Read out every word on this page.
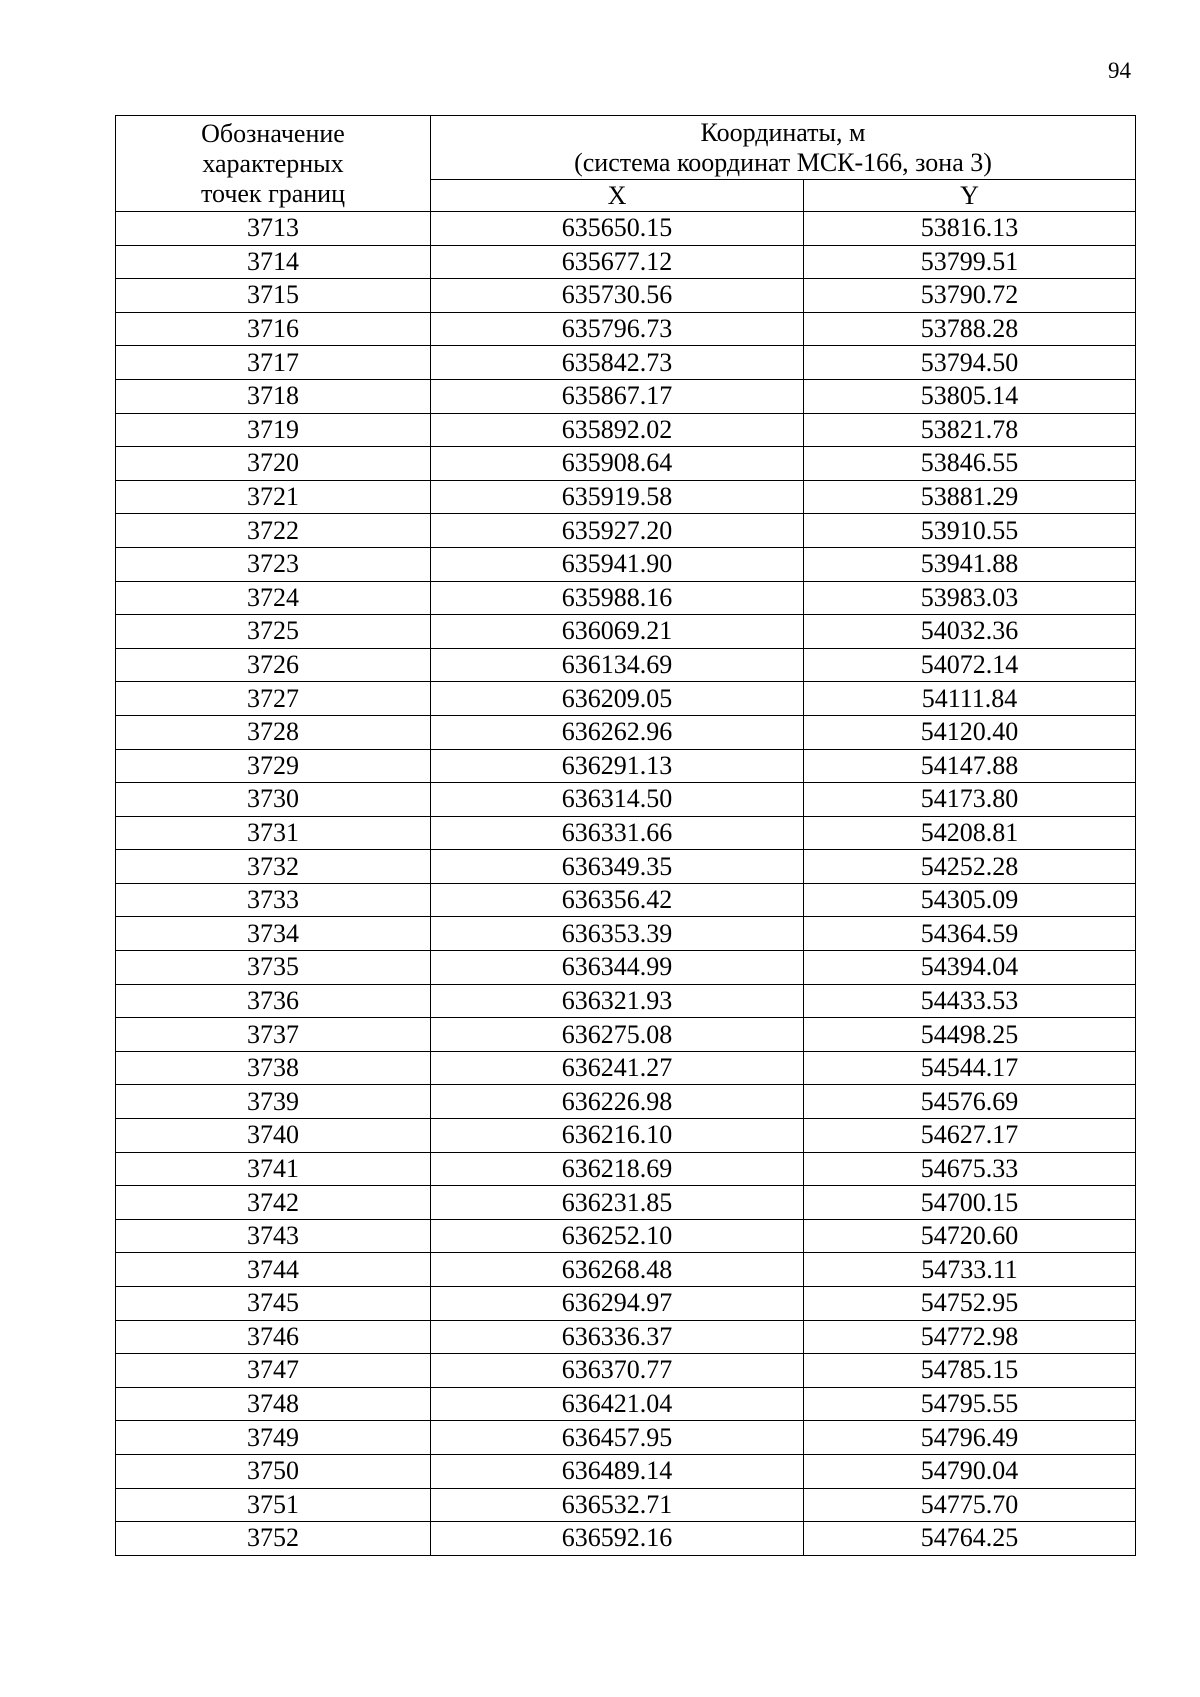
94
Обозначение
характерных
точек границ	Координаты, м
(система координат МСК-166, зона 3)	

	X	Y
3713	635650.15	53816.13
3714	635677.12	53799.51
3715	635730.56	53790.72
3716	635796.73	53788.28
3717	635842.73	53794.50
3718	635867.17	53805.14
3719	635892.02	53821.78
3720	635908.64	53846.55
3721	635919.58	53881.29
3722	635927.20	53910.55
3723	635941.90	53941.88
3724	635988.16	53983.03
3725	636069.21	54032.36
3726	636134.69	54072.14
3727	636209.05	54111.84
3728	636262.96	54120.40
3729	636291.13	54147.88
3730	636314.50	54173.80
3731	636331.66	54208.81
3732	636349.35	54252.28
3733	636356.42	54305.09
3734	636353.39	54364.59
3735	636344.99	54394.04
3736	636321.93	54433.53
3737	636275.08	54498.25
3738	636241.27	54544.17
3739	636226.98	54576.69
3740	636216.10	54627.17
3741	636218.69	54675.33
3742	636231.85	54700.15
3743	636252.10	54720.60
3744	636268.48	54733.11
3745	636294.97	54752.95
3746	636336.37	54772.98
3747	636370.77	54785.15
3748	636421.04	54795.55
3749	636457.95	54796.49
3750	636489.14	54790.04
3751	636532.71	54775.70
3752	636592.16	54764.25
